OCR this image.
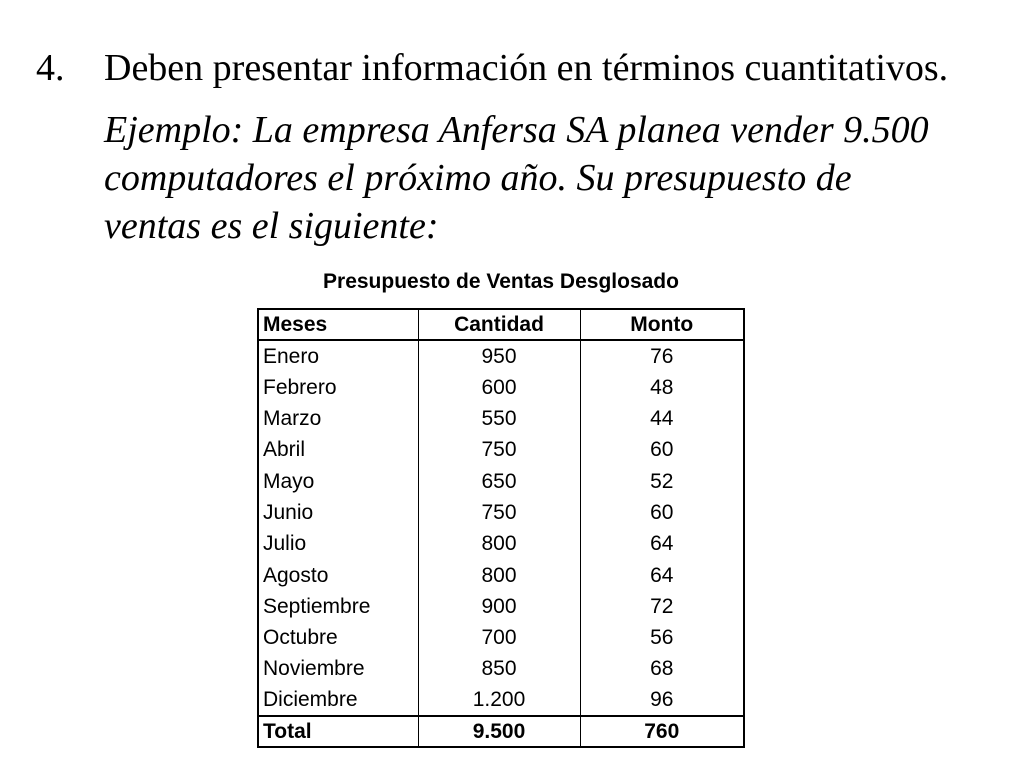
4. Deben presentar información en términos cuantitativos.
Ejemplo: La empresa Anfersa SA planea vender 9.500
computadores el próximo año. Su presupuesto de
ventas es el siguiente:
Presupuesto de Ventas Desglosado
Meses	Cantidad	Monto
Enero	950	76
Febrero	600	48
Marzo	550	44
Abril	750	60
Mayo	650	52
Junio	750	60
Julio	800	64
Agosto	800	64
Septiembre	900	72
Octubre	700	56
Noviembre	850	68
Diciembre	1.200	96
Total	9.500	760
